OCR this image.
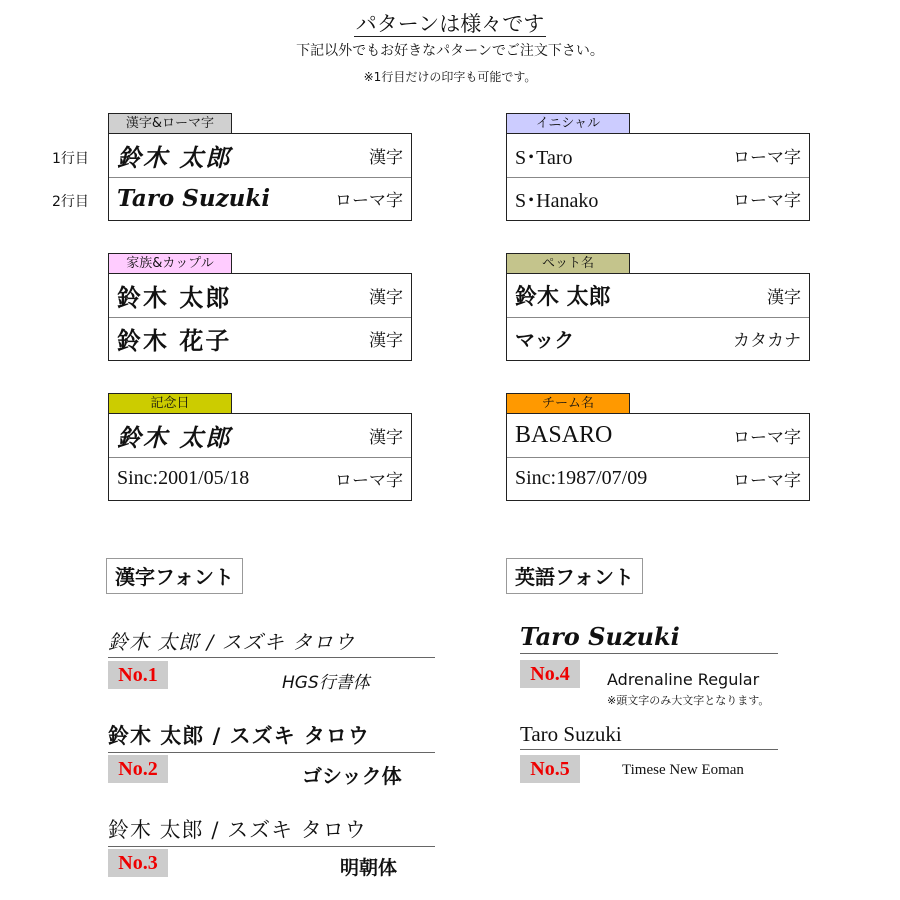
パターンは様々です
下記以外でもお好きなパターンでご注文下さい。
※1行目だけの印字も可能です。
1行目
2行目
漢字&ローマ字
鈴木 太郎	漢字
Taro Suzuki	ローマ字
イニシャル
S･Taro	ローマ字
S･Hanako	ローマ字
家族&カップル
鈴木 太郎	漢字
鈴木 花子	漢字
ペット名
鈴木 太郎	漢字
マック	カタカナ
記念日
鈴木 太郎	漢字
Sinc:2001/05/18	ローマ字
チーム名
BASARO	ローマ字
Sinc:1987/07/09	ローマ字
漢字フォント	英語フォント
鈴木 太郎 / スズキ タロウ
No.1	HGS行書体
鈴木 太郎 / スズキ タロウ
No.2	ゴシック体
鈴木 太郎 / スズキ タロウ
No.3	明朝体
Taro Suzuki
No.4	Adrenaline Regular
※頭文字のみ大文字となります。
Taro Suzuki
No.5	Timese New Eoman
